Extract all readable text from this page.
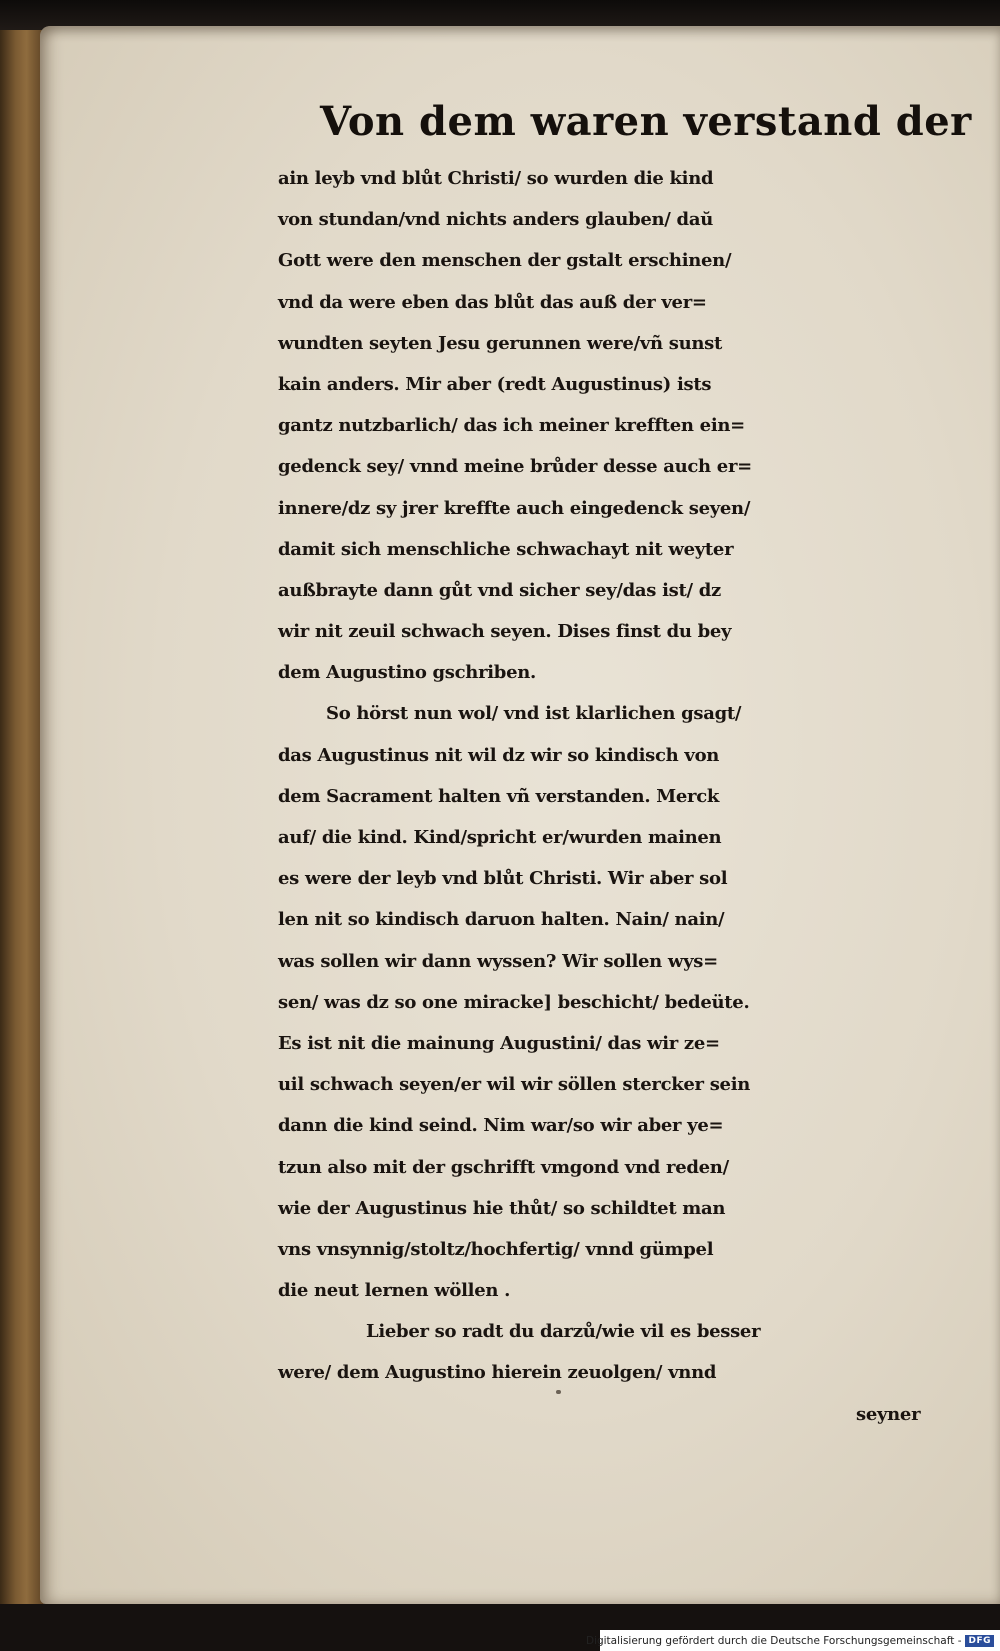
Von dem waren verstand der
ain leyb vnd blůt Christi/ so wurden die kind
von stundan/vnd nichts anders glauben/ daŭ
Gott were den menschen der gstalt erschinen/
vnd da were eben das blůt das auß der ver=
wundten seyten Jesu gerunnen were/vñ sunst
kain anders. Mir aber (redt Augustinus) ists
gantz nutzbarlich/ das ich meiner krefften ein=
gedenck sey/ vnnd meine brůder desse auch er=
innere/dz sy jrer kreffte auch eingedenck seyen/
damit sich menschliche schwachayt nit weyter
außbrayte dann gůt vnd sicher sey/das ist/ dz
wir nit zeuil schwach seyen. Dises finst du bey
dem Augustino gschriben.
So hörst nun wol/ vnd ist klarlichen gsagt/
das Augustinus nit wil dz wir so kindisch von
dem Sacrament halten vñ verstanden. Merck
auf/ die kind. Kind/spricht er/wurden mainen
es were der leyb vnd blůt Christi. Wir aber sol
len nit so kindisch daruon halten. Nain/ nain/
was sollen wir dann wyssen? Wir sollen wys=
sen/ was dz so one miracke] beschicht/ bedeüte.
Es ist nit die mainung Augustini/ das wir ze=
uil schwach seyen/er wil wir söllen stercker sein
dann die kind seind. Nim war/so wir aber ye=
tzun also mit der gschrifft vmgond vnd reden/
wie der Augustinus hie thůt/ so schildtet man
vns vnsynnig/stoltz/hochfertig/ vnnd gümpel
die neut lernen wöllen .
Lieber so radt du darzů/wie vil es besser
were/ dem Augustino hierein zeuolgen/ vnnd
seyner
Digitalisierung gefördert durch die Deutsche Forschungsgemeinschaft - DFG
